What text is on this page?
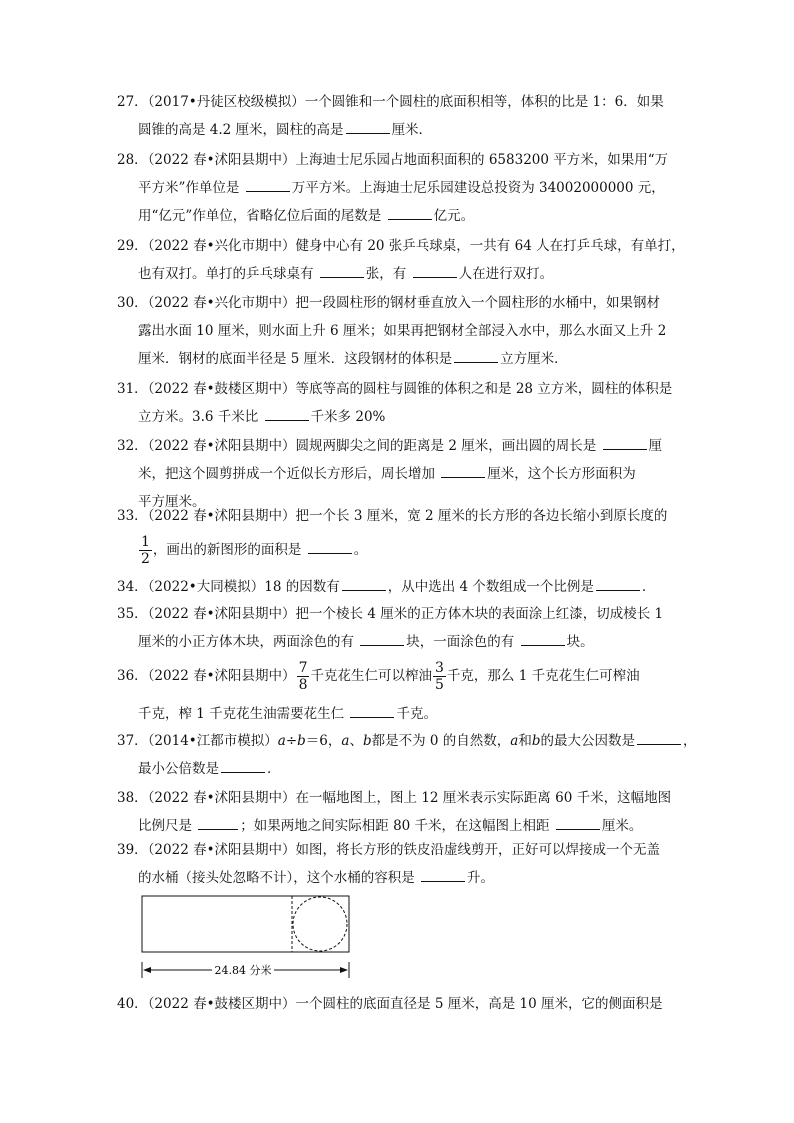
27．（2017•丹徒区校级模拟）一个圆锥和一个圆柱的底面积相等，体积的比是 1：6．如果
圆锥的高是 4.2 厘米，圆柱的高是	厘米．
28．（2022 春•沭阳县期中）上海迪士尼乐园占地面积面积的 6583200 平方米，如果用“万
平方米”作单位是	万平方米。上海迪士尼乐园建设总投资为 34002000000 元，
用“亿元”作单位，省略亿位后面的尾数是	亿元。
29．（2022 春•兴化市期中）健身中心有 20 张乒乓球桌，一共有 64 人在打乒乓球，有单打，
也有双打。单打的乒乓球桌有	张，有	人在进行双打。
30．（2022 春•兴化市期中）把一段圆柱形的钢材垂直放入一个圆柱形的水桶中，如果钢材
露出水面 10 厘米，则水面上升 6 厘米；如果再把钢材全部浸入水中，那么水面又上升 2
厘米．钢材的底面半径是 5 厘米．这段钢材的体积是	立方厘米．
31．（2022 春•鼓楼区期中）等底等高的圆柱与圆锥的体积之和是 28 立方米，圆柱的体积是
立方米。3.6 千米比	千米多 20%
32．（2022 春•沭阳县期中）圆规两脚尖之间的距离是 2 厘米，画出圆的周长是	厘
米，把这个圆剪拼成一个近似长方形后，周长增加	厘米，这个长方形面积为
平方厘米。
33．（2022 春•沭阳县期中）把一个长 3 厘米，宽 2 厘米的长方形的各边长缩小到原长度的
$\frac{1}{2}$ ，画出的新图形的面积是	。
34．（2022•大同模拟）18 的因数有	，从中选出 4 个数组成一个比例是	．
35．（2022 春•沭阳县期中）把一个棱长 4 厘米的正方体木块的表面涂上红漆，切成棱长 1
厘米的小正方体木块，两面涂色的有	块，一面涂色的有	块。
36．（2022 春•沭阳县期中） $\frac{7}{8}$ 千克花生仁可以榨油 $\frac{3}{5}$ 千克，那么 1 千克花生仁可榨油
千克，榨 1 千克花生油需要花生仁	千克。
37．（2014•江都市模拟）a÷b＝6，a、b都是不为 0 的自然数，a和b的最大公因数是	，
最小公倍数是	．
38．（2022 春•沭阳县期中）在一幅地图上，图上 12 厘米表示实际距离 60 千米，这幅地图
比例尺是	；如果两地之间实际相距 80 千米，在这幅图上相距	厘米。
39．（2022 春•沭阳县期中）如图，将长方形的铁皮沿虚线剪开，正好可以焊接成一个无盖
的水桶（接头处忽略不计），这个水桶的容积是	升。
24.84 分米
40．（2022 春•鼓楼区期中）一个圆柱的底面直径是 5 厘米，高是 10 厘米，它的侧面积是
